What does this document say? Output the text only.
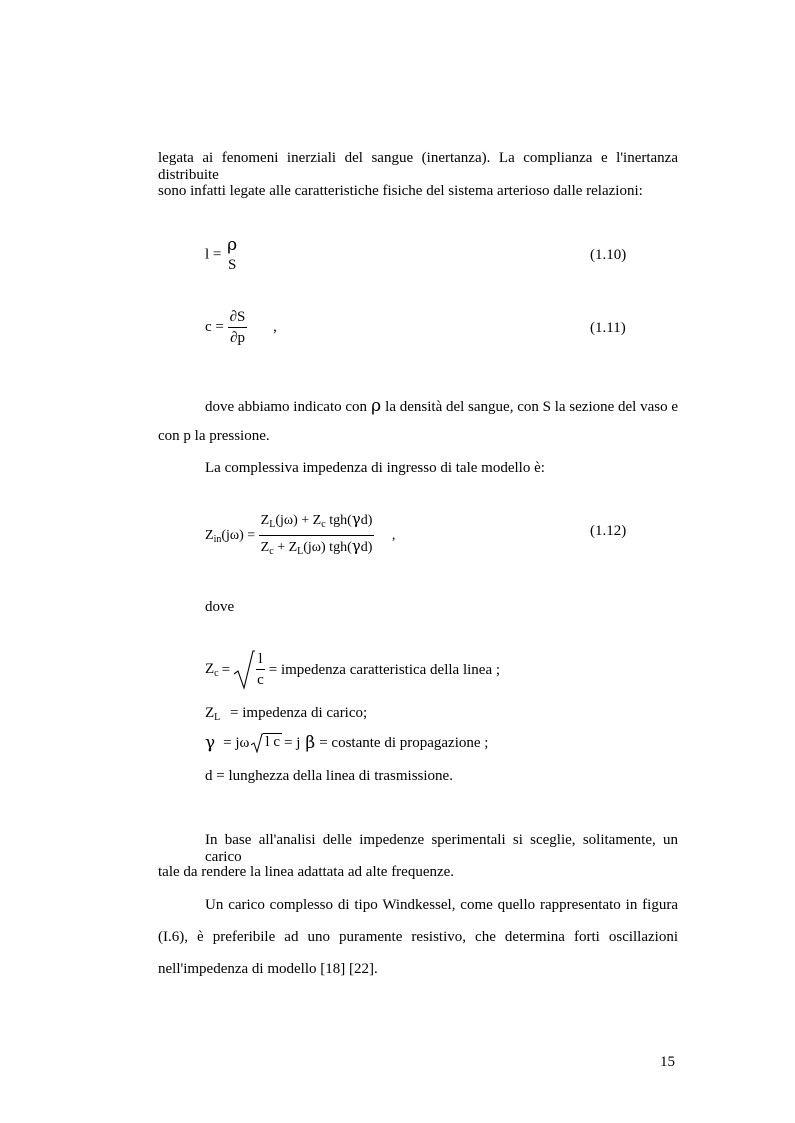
legata ai fenomeni inerziali del sangue (inertanza). La complianza e l'inertanza distribuite
sono infatti legate alle caratteristiche fisiche del sistema arterioso dalle relazioni:
l = ρ
S
(1.10)
$c = \frac{\partial S}{\partial p}$ ,	(1.11)
dove abbiamo indicato con ρ la densità del sangue, con S la sezione del vaso e
con p la pressione.
La complessiva impedenza di ingresso di tale modello è:
$Z_{in}(j\omega) = \frac{Z_L(j\omega) + Z_c tgh(\gamma d)}{Z_c + Z_L(j\omega) tgh(\gamma d)}$ ,	(1.12)
dove
$Z_c = \frac{l}{c}$ = impedenza caratteristica della linea ;
$Z_L$ = impedenza di carico;
γ = jω l c = j β = costante di propagazione ;
d = lunghezza della linea di trasmissione.
In base all'analisi delle impedenze sperimentali si sceglie, solitamente, un carico
tale da rendere la linea adattata ad alte frequenze.
Un carico complesso di tipo Windkessel, come quello rappresentato in figura
(I.6), è preferibile ad uno puramente resistivo, che determina forti oscillazioni
nell'impedenza di modello [18] [22].
15
